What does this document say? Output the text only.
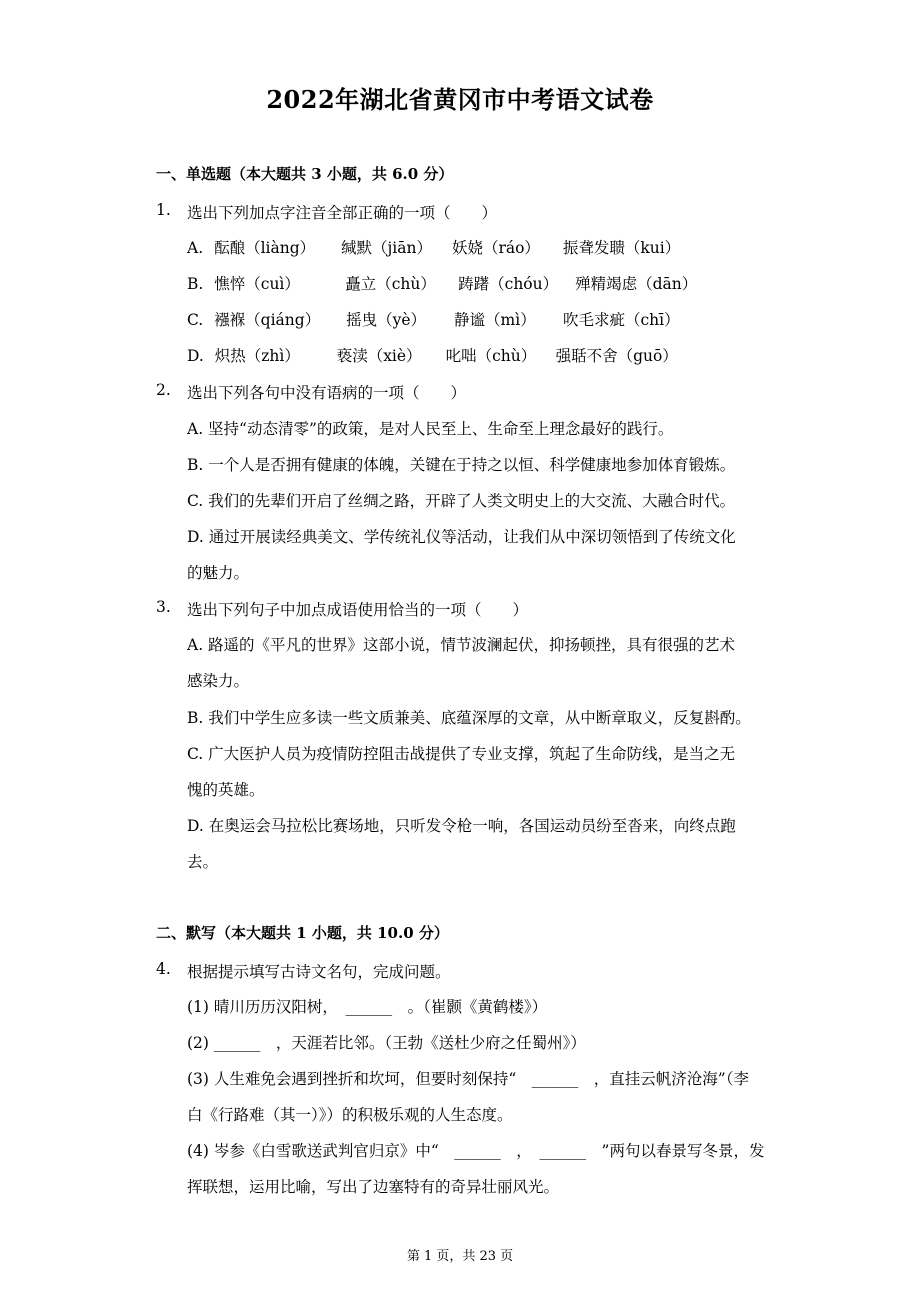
2022年湖北省黄冈市中考语文试卷
一、单选题（本大题共 3 小题，共 6.0 分）
1. 选出下列加点字注音全部正确的一项（　　）
A. 酝酿（liàng） 缄默（jiān） 妖娆（ráo） 振聋发聩（kui）
B. 憔悴（cuì）	矗立（chù） 踌躇（chóu） 殚精竭虑（dān）
C. 襁褓（qiáng） 摇曳（yè） 静谧（mì） 吹毛求疵（chī）
D. 炽热（zhì） 亵渎（xiè） 叱咄（chù） 强聒不舍（guō）
2. 选出下列各句中没有语病的一项（　　）
A. 坚持“动态清零”的政策，是对人民至上、生命至上理念最好的践行。
B. 一个人是否拥有健康的体魄，关键在于持之以恒、科学健康地参加体育锻炼。
C. 我们的先辈们开启了丝绸之路，开辟了人类文明史上的大交流、大融合时代。
D. 通过开展读经典美文、学传统礼仪等活动，让我们从中深切领悟到了传统文化
的魅力。
3. 选出下列句子中加点成语使用恰当的一项（　　）
A. 路遥的《平凡的世界》这部小说，情节波澜起伏，抑扬顿挫，具有很强的艺术
感染力。
B. 我们中学生应多读一些文质兼美、底蕴深厚的文章，从中断章取义，反复斟酌。
C. 广大医护人员为疫情防控阻击战提供了专业支撑，筑起了生命防线，是当之无
愧的英雄。
D. 在奥运会马拉松比赛场地，只听发令枪一响，各国运动员纷至沓来，向终点跑
去。
二、默写（本大题共 1 小题，共 10.0 分）
4. 根据提示填写古诗文名句，完成问题。
(1) 晴川历历汉阳树，　______　。（崔颢《黄鹤楼》）
(2) ______　，天涯若比邻。（王勃《送杜少府之任蜀州》）
(3) 人生难免会遇到挫折和坎坷，但要时刻保持“　______　，直挂云帆济沧海”（李
白《行路难（其一）》）的积极乐观的人生态度。
(4) 岑参《白雪歌送武判官归京》中“　______　，　______　”两句以春景写冬景，发
挥联想，运用比喻，写出了边塞特有的奇异壮丽风光。
第 1 页，共 23 页
